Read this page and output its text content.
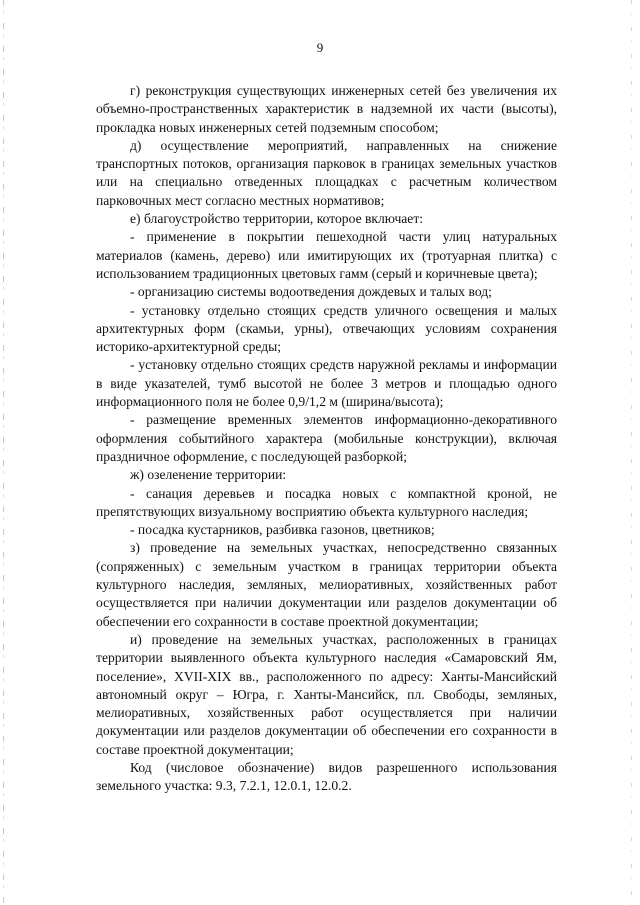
9

г) реконструкция существующих инженерных сетей без увеличения их объемно-пространственных характеристик в надземной их части (высоты), прокладка новых инженерных сетей подземным способом;

д) осуществление мероприятий, направленных на снижение транспортных потоков, организация парковок в границах земельных участков или на специально отведенных площадках с расчетным количеством парковочных мест согласно местных нормативов;

е) благоустройство территории, которое включает:

- применение в покрытии пешеходной части улиц натуральных материалов (камень, дерево) или имитирующих их (тротуарная плитка) с использованием традиционных цветовых гамм (серый и коричневые цвета);

- организацию системы водоотведения дождевых и талых вод;

- установку отдельно стоящих средств уличного освещения и малых архитектурных форм (скамьи, урны), отвечающих условиям сохранения историко-архитектурной среды;

- установку отдельно стоящих средств наружной рекламы и информации в виде указателей, тумб высотой не более 3 метров и площадью одного информационного поля не более 0,9/1,2 м (ширина/высота);

- размещение временных элементов информационно-декоративного оформления событийного характера (мобильные конструкции), включая праздничное оформление, с последующей разборкой;

ж) озеленение территории:

- санация деревьев и посадка новых с компактной кроной, не препятствующих визуальному восприятию объекта культурного наследия;

- посадка кустарников, разбивка газонов, цветников;

з) проведение на земельных участках, непосредственно связанных (сопряженных) с земельным участком в границах территории объекта культурного наследия, земляных, мелиоративных, хозяйственных работ осуществляется при наличии документации или разделов документации об обеспечении его сохранности в составе проектной документации;

и) проведение на земельных участках, расположенных в границах территории выявленного объекта культурного наследия «Самаровский Ям, поселение», XVII-XIX вв., расположенного по адресу: Ханты-Мансийский автономный округ – Югра, г. Ханты-Мансийск, пл. Свободы, земляных, мелиоративных, хозяйственных работ осуществляется при наличии документации или разделов документации об обеспечении его сохранности в составе проектной документации;

Код (числовое обозначение) видов разрешенного использования земельного участка: 9.3, 7.2.1, 12.0.1, 12.0.2.
